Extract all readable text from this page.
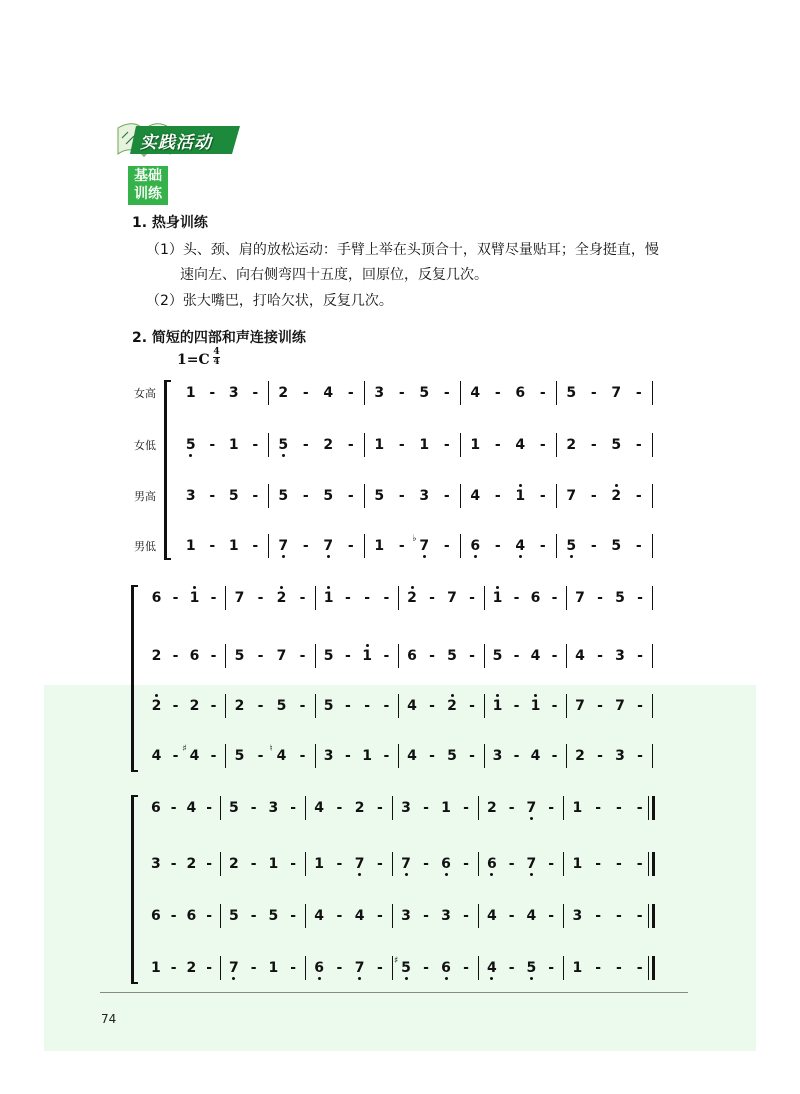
实践活动
基础
训练
1. 热身训练
（1）头、颈、肩的放松运动：手臂上举在头顶合十，双臂尽量贴耳；全身挺直，慢
速向左、向右侧弯四十五度，回原位，反复几次。
（2）张大嘴巴，打哈欠状，反复几次。
2. 简短的四部和声连接训练
1=C 4
4
女高
女低
男高
男低
1 - 3 - 2 - 4 - 3 - 5 - 4 - 6 - 5 - 7 -
5 - 1 - 5 - 2 - 1 - 1 - 1 - 4 - 2 - 5 -
3 - 5 - 5 - 5 - 5 - 3 - 4 - 1 - 7 - 2 -
1 - 1 - 7 - 7 - 1 - 7
♭ - 6 - 4 - 5 - 5 -
6 - 1 - 7 - 2 - 1 - - - 2 - 7 - 1 - 6 - 7 - 5 -
2 - 6 - 5 - 7 - 5 - 1 - 6 - 5 - 5 - 4 - 4 - 3 -
2 - 2 - 2 - 5 - 5 - - - 4 - 2 - 1 - 1 - 7 - 7 -
4 - 4
♯ - 5 - 4
♮ - 3 - 1 - 4 - 5 - 3 - 4 - 2 - 3 -
6 - 4 - 5 - 3 - 4 - 2 - 3 - 1 - 2 - 7 - 1 - - -
3 - 2 - 2 - 1 - 1 - 7 - 7 - 6 - 6 - 7 - 1 - - -
6 - 6 - 5 - 5 - 4 - 4 - 3 - 3 - 4 - 4 - 3 - - -
1 - 2 - 7 - 1 - 6 - 7 - 5
♯ - 6 - 4 - 5 - 1 - - -
74
